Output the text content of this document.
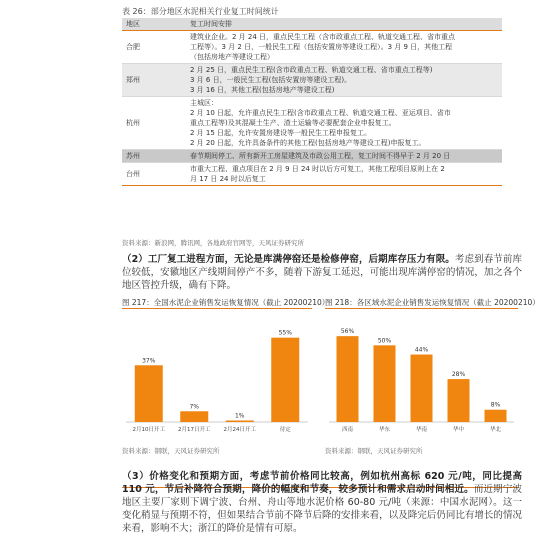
表 26：部分地区水泥相关行业复工时间统计
地区	复工时间安排
合肥	建筑业企业。2 月 24 日，重点民生工程（含市政重点工程、轨道交通工程、省市重点
工程等）。3 月 2 日，一般民生工程（包括安置房等建设工程）。3 月 9 日，其他工程
（包括房地产等建设工程）

郑州	2 月 25 日，重点民生工程(含市政重点工程、轨道交通工程、省市重点工程等)
3 月 6 日，一般民生工程(包括安置房等建设工程)。
3 月 16 日，其他工程(包括房地产等建设工程)

杭州	主城区：
2 月 10 日起，允许重点民生工程(含市政重点工程、轨道交通工程、亚运项目、省市
重点工程等)及其混凝土生产、渣土运输等必要配套企业申报复工。
2 月 15 日起，允许安置房建设等一般民生工程申报复工。
2 月 20 日起，允许具备条件的其他工程(包括房地产等建设工程)申报复工。

苏州	春节期间停工、所有新开工房屋建筑及市政公用工程，复工时间不得早于 2 月 20 日

台州	市重大工程、重点项目在 2 月 9 日 24 时以后方可复工，其他工程项目原则上在 2
月 17 日 24 时以后复工
资料来源：新浪网，腾讯网，各地政府官网等，天风证券研究所
（2）工厂复工进程方面，无论是库满停窑还是检修停窑，后期库存压力有限。考虑到春节前库位较低，安徽地区产线期间停产不多，随着下游复工延迟，可能出现库满停窑的情况，加之各个地区管控升级，确有下降。
图 217：全国水泥企业销售发运恢复情况（截止 20200210）
37%
2月10日开工
7%
2月17日开工
1%
2月24日开工
55%
待定
资料来源：钢联，天风证券研究所
图 218：各区域水泥企业销售发运恢复情况（截止 20200210）
56%
西南
50%
华东
44%
华南
28%
华中
8%
华北
资料来源：钢联，天风证券研究所
（3）价格变化和预期方面，考虑节前价格同比较高，例如杭州高标 620 元/吨，同比提高 110 元，节后补降符合预期，降价的幅度和节奏，较多预计和需求启动时间相近。而近期宁波地区主要厂家则下调宁波、台州、舟山等地水泥价格 60-80 元/吨（来源：中国水泥网）。这一变化稍显与预期不符，但如果结合节前不降节后降的安排来看，以及降完后仍同比有增长的情况来看，影响不大；浙江的降价是情有可原。
